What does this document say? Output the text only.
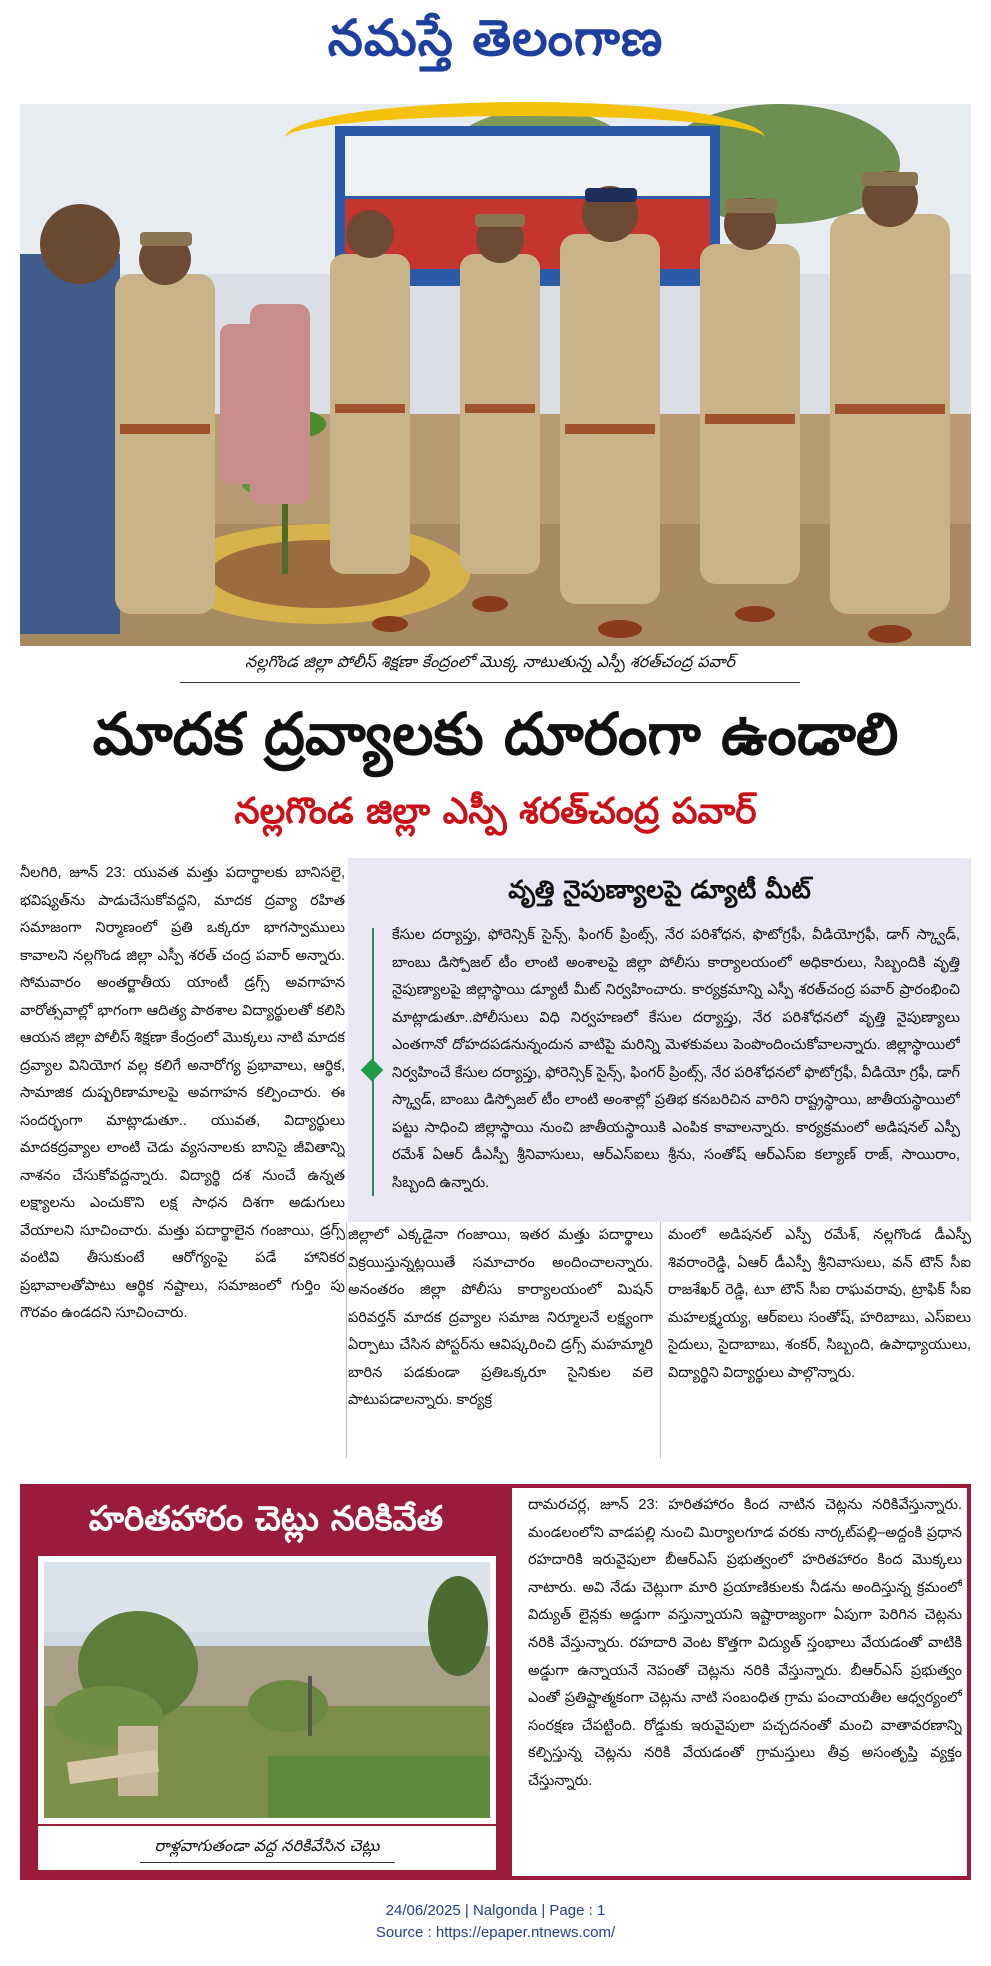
నమస్తే తెలంగాణ
నల్లగొండ జిల్లా పోలీస్‌ శిక్షణా కేంద్రంలో మొక్క నాటుతున్న ఎస్పీ శరత్‌చంద్ర పవార్
మాదక ద్రవ్యాలకు దూరంగా ఉండాలి
నల్లగొండ జిల్లా ఎస్పీ శరత్‌చంద్ర పవార్
నీలగిరి, జూన్‌ 23: యువత మత్తు పదార్థాలకు బానిసలై, భవిష్యత్‌ను పాడుచేసుకోవద్దని, మాదక ద్రవ్యా రహిత సమాజంగా నిర్మాణంలో ప్రతి ఒక్కరూ భాగస్వాములు కావాలని నల్లగొండ జిల్లా ఎస్పీ శరత్‌ చంద్ర పవార్‌ అన్నారు. సోమవారం అంతర్జాతీయ యాంటీ డ్రగ్స్‌ అవగాహన వారోత్సవాల్లో భాగంగా ఆదిత్య పాఠశాల విద్యార్థులతో కలిసి ఆయన జిల్లా పోలీస్‌ శిక్షణా కేంద్రంలో మొక్కలు నాటి మాదక ద్రవ్యాల వినియోగ వల్ల కలిగే అనారోగ్య ప్రభావాలు, ఆర్థిక, సామాజిక దుష్పరిణామాలపై అవగాహన కల్పించారు. ఈ సందర్భంగా మాట్లాడుతూ.. యువత, విద్యార్థులు మాదకద్రవ్యాల లాంటి చెడు వ్యసనాలకు బానిసై జీవితాన్ని నాశనం చేసుకోవద్దన్నారు. విద్యార్థి దశ నుంచే ఉన్నత లక్ష్యాలను ఎంచుకొని లక్ష సాధన దిశగా అడుగులు వేయాలని సూచించారు. మత్తు పదార్థాలైన గంజాయి, డ్రగ్స్‌ వంటివి తీసుకుంటే ఆరోగ్యంపై పడే హానికర ప్రభావాలతోపాటు ఆర్థిక నష్టాలు, సమాజంలో గుర్తిం పు గౌరవం ఉండదని సూచించారు.
వృత్తి నైపుణ్యాలపై డ్యూటీ మీట్‌
కేసుల దర్యాప్తు, ఫోరెన్సిక్‌ సైన్స్‌, ఫింగర్‌ ప్రింట్స్‌, నేర పరిశోధన, ఫొటోగ్రఫీ, వీడియోగ్రఫీ, డాగ్‌ స్క్వాడ్‌, బాంబు డిస్పోజల్‌ టీం లాంటి అంశాలపై జిల్లా పోలీసు కార్యాలయంలో అధికారులు, సిబ్బందికి వృత్తి నైపుణ్యాలపై జిల్లాస్థాయి డ్యూటీ మీట్‌ నిర్వహించారు. కార్యక్రమాన్ని ఎస్పీ శరత్‌చంద్ర పవార్‌ ప్రారంభించి మాట్లాడుతూ..పోలీసులు విధి నిర్వహణలో కేసుల దర్యాప్తు, నేర పరిశోధనలో వృత్తి నైపుణ్యాలు ఎంతగానో దోహదపడనున్నందున వాటిపై మరిన్ని మెళకువలు పెంపొందించుకోవాలన్నారు. జిల్లాస్థాయిలో నిర్వహించే కేసుల దర్యాప్తు, ఫోరెన్సిక్‌ సైన్స్‌, ఫింగర్‌ ప్రింట్స్‌, నేర పరిశోధనలో ఫొటోగ్రఫీ, వీడియో గ్రఫీ, డాగ్‌ స్క్వాడ్‌, బాంబు డిస్పోజల్‌ టీం లాంటి అంశాల్లో ప్రతిభ కనబరిచిన వారిని రాష్ట్రస్థాయి, జాతీయస్థాయిలో పట్టు సాధించి జిల్లాస్థాయి నుంచి జాతీయస్థాయికి ఎంపిక కావాలన్నారు. కార్యక్రమంలో అడిషనల్‌ ఎస్పీ రమేశ్‌ ఏఆర్‌ డీఎస్పీ శ్రీనివాసులు, ఆర్‌ఎస్‌ఐలు శ్రీను, సంతోష్‌ ఆర్‌ఎస్‌ఐ కల్యాణ్‌ రాజ్‌, సాయిరాం, సిబ్బంది ఉన్నారు.
జిల్లాలో ఎక్కడైనా గంజాయి, ఇతర మత్తు పదార్థాలు విక్రయిస్తున్నట్లయితే సమాచారం అందించాలన్నారు. అనంతరం జిల్లా పోలీసు కార్యాలయంలో మిషన్‌ పరివర్తన్‌ మాదక ద్రవ్యాల సమాజ నిర్మూలనే లక్ష్యంగా ఏర్పాటు చేసిన పోస్టర్‌ను ఆవిష్కరించి డ్రగ్స్‌ మహమ్మారి బారిన పడకుండా ప్రతిఒక్కరూ సైనికుల వలె పాటుపడాలన్నారు. కార్యక్ర
మంలో అడిషనల్‌ ఎస్పీ రమేశ్‌, నల్లగొండ డీఎస్పీ శివరాంరెడ్డి, ఏఆర్‌ డీఎస్పీ శ్రీనివాసులు, వన్‌ టౌన్‌ సీఐ రాజశేఖర్‌ రెడ్డి, టూ టౌన్‌ సీఐ రాఘవరావు, ట్రాఫిక్‌ సీఐ మహలక్ష్మయ్య, ఆర్‌ఐలు సంతోష్‌, హరిబాబు, ఎస్‌ఐలు సైదులు, సైదాబాబు, శంకర్‌, సిబ్బంది, ఉపాధ్యాయులు, విద్యార్థిని విద్యార్థులు పాల్గొన్నారు.
హరితహారం చెట్లు నరికివేత
రాళ్లవాగుతండా వద్ద నరికివేసిన చెట్లు
దామరచర్ల, జూన్‌ 23: హరితహారం కింద నాటిన చెట్లను నరికివేస్తున్నారు. మండలంలోని వాడపల్లి నుంచి మిర్యాలగూడ వరకు నార్కట్‌పల్లి–అద్దంకి ప్రధాన రహదారికి ఇరువైపులా బీఆర్‌ఎస్‌ ప్రభుత్వంలో హరితహారం కింద మొక్కలు నాటారు. అవి నేడు చెట్లుగా మారి ప్రయాణికులకు నీడను అందిస్తున్న క్రమంలో విద్యుత్‌ లైన్లకు అడ్డుగా వస్తున్నాయని ఇష్టారాజ్యంగా ఏపుగా పెరిగిన చెట్లను నరికి వేస్తున్నారు. రహదారి వెంట కొత్తగా విద్యుత్‌ స్తంభాలు వేయడంతో వాటికి అడ్డుగా ఉన్నాయనే నెపంతో చెట్లను నరికి వేస్తున్నారు. బీఆర్‌ఎస్‌ ప్రభుత్వం ఎంతో ప్రతిష్టాత్మకంగా చెట్లను నాటి సంబంధిత గ్రామ పంచాయతీల ఆధ్వర్యంలో సంరక్షణ చేపట్టింది. రోడ్డుకు ఇరువైపులా పచ్చదనంతో మంచి వాతావరణాన్ని కల్పిస్తున్న చెట్లను నరికి వేయడంతో గ్రామస్తులు తీవ్ర అసంతృప్తి వ్యక్తం చేస్తున్నారు.
24/06/2025 | Nalgonda | Page : 1
Source : https://epaper.ntnews.com/
